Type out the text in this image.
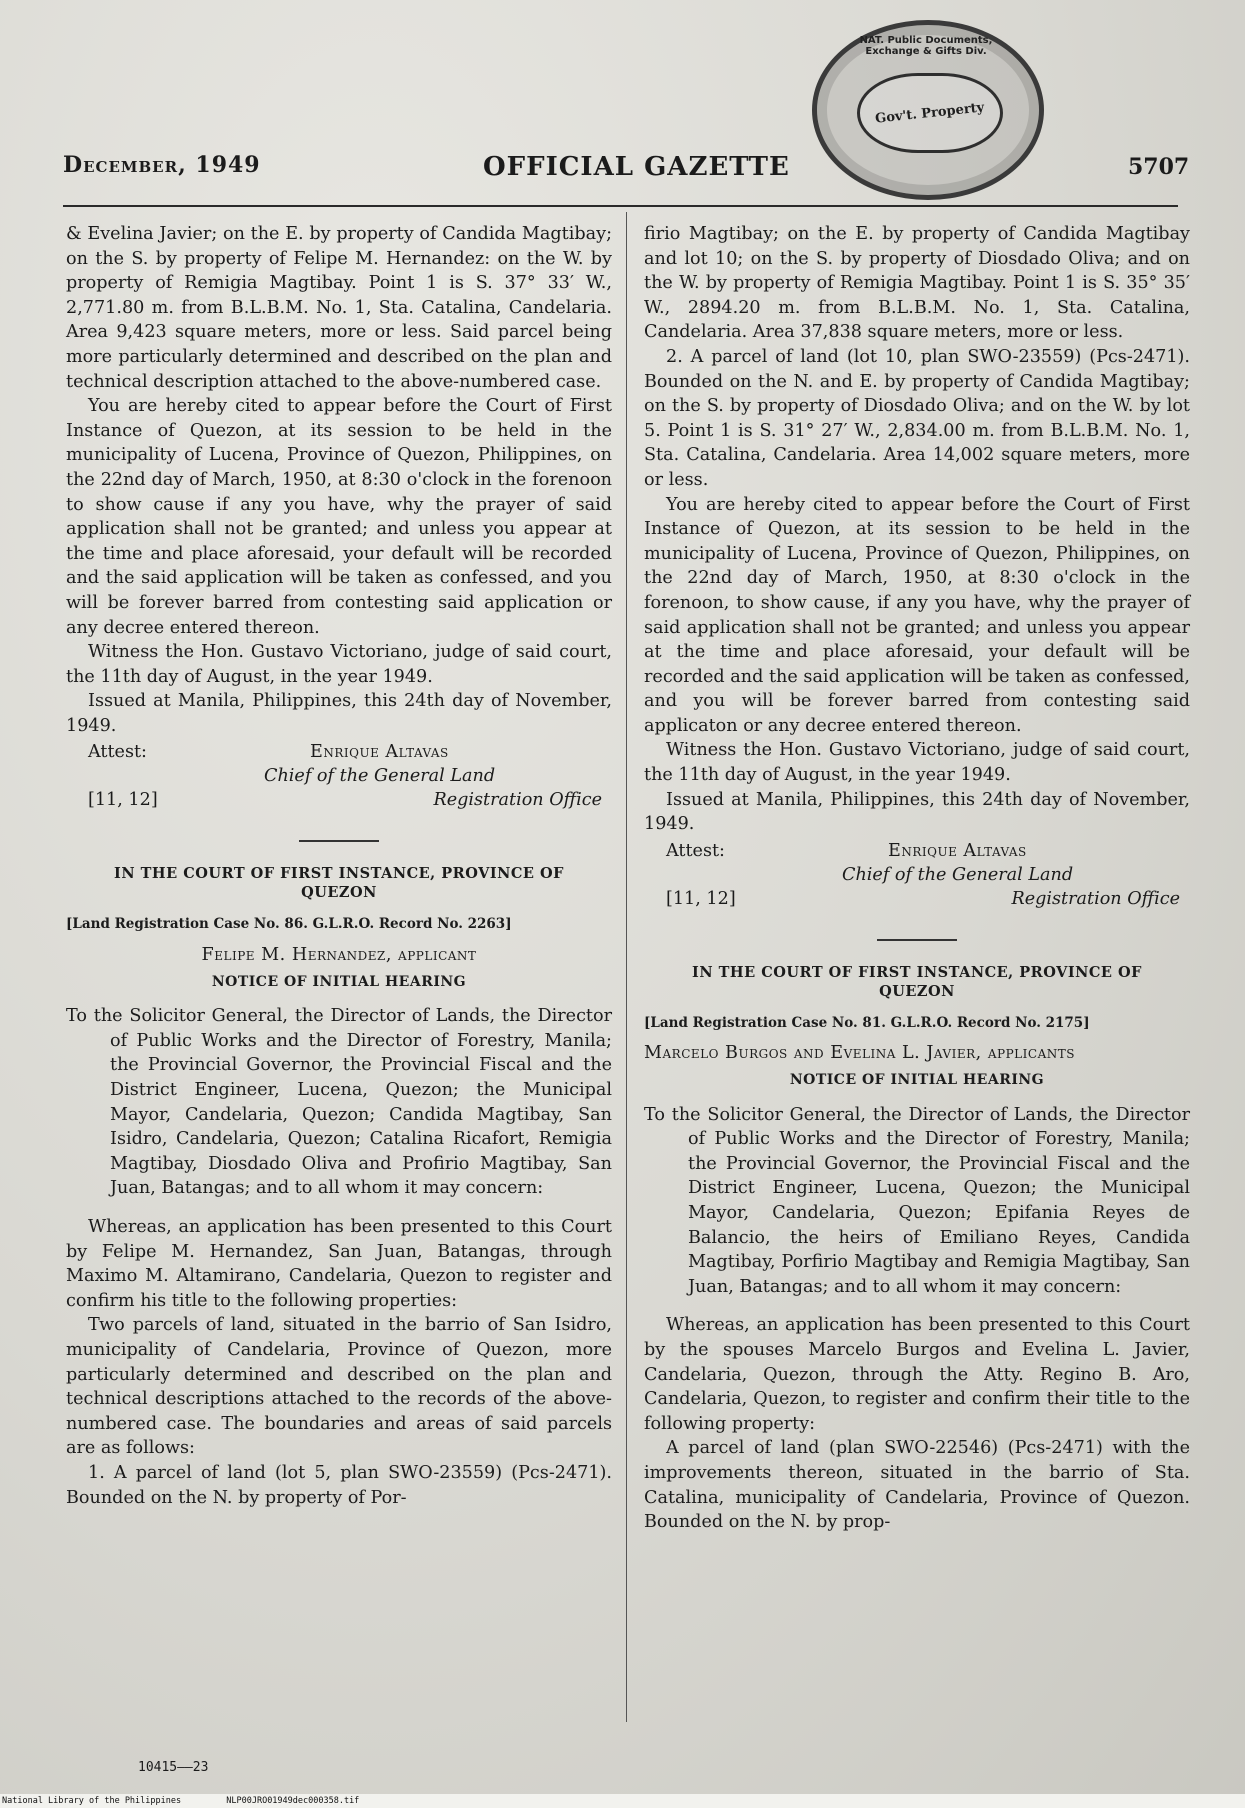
NAT. Public Documents, Exchange & Gifts Div.
Gov't. Property
December, 1949	OFFICIAL GAZETTE	5707

& Evelina Javier; on the E. by property of Candida Magtibay; on the S. by property of Felipe M. Hernandez: on the W. by property of Remigia Magtibay. Point 1 is S. 37° 33′ W., 2,771.80 m. from B.L.B.M. No. 1, Sta. Catalina, Candelaria. Area 9,423 square meters, more or less. Said parcel being more particularly determined and described on the plan and technical description attached to the above-numbered case.

You are hereby cited to appear before the Court of First Instance of Quezon, at its session to be held in the municipality of Lucena, Province of Quezon, Philippines, on the 22nd day of March, 1950, at 8:30 o'clock in the forenoon to show cause if any you have, why the prayer of said application shall not be granted; and unless you appear at the time and place aforesaid, your default will be recorded and the said application will be taken as confessed, and you will be forever barred from contesting said application or any decree entered thereon.

Witness the Hon. Gustavo Victoriano, judge of said court, the 11th day of August, in the year 1949.

Issued at Manila, Philippines, this 24th day of November, 1949.

Attest:	Enrique Altavas
Chief of the General Land
[11, 12]	Registration Office
IN THE COURT OF FIRST INSTANCE, PROVINCE OF QUEZON
[Land Registration Case No. 86. G.L.R.O. Record No. 2263]
Felipe M. Hernandez, applicant
NOTICE OF INITIAL HEARING

To the Solicitor General, the Director of Lands, the Director of Public Works and the Director of Forestry, Manila; the Provincial Governor, the Provincial Fiscal and the District Engineer, Lucena, Quezon; the Municipal Mayor, Candelaria, Quezon; Candida Magtibay, San Isidro, Candelaria, Quezon; Catalina Ricafort, Remigia Magtibay, Diosdado Oliva and Profirio Magtibay, San Juan, Batangas; and to all whom it may concern:

Whereas, an application has been presented to this Court by Felipe M. Hernandez, San Juan, Batangas, through Maximo M. Altamirano, Candelaria, Quezon to register and confirm his title to the following properties:

Two parcels of land, situated in the barrio of San Isidro, municipality of Candelaria, Province of Quezon, more particularly determined and described on the plan and technical descriptions attached to the records of the above-numbered case. The boundaries and areas of said parcels are as follows:

1. A parcel of land (lot 5, plan SWO-23559) (Pcs-2471). Bounded on the N. by property of Por-

firio Magtibay; on the E. by property of Candida Magtibay and lot 10; on the S. by property of Diosdado Oliva; and on the W. by property of Remigia Magtibay. Point 1 is S. 35° 35′ W., 2894.20 m. from B.L.B.M. No. 1, Sta. Catalina, Candelaria. Area 37,838 square meters, more or less.

2. A parcel of land (lot 10, plan SWO-23559) (Pcs-2471). Bounded on the N. and E. by property of Candida Magtibay; on the S. by property of Diosdado Oliva; and on the W. by lot 5. Point 1 is S. 31° 27′ W., 2,834.00 m. from B.L.B.M. No. 1, Sta. Catalina, Candelaria. Area 14,002 square meters, more or less.

You are hereby cited to appear before the Court of First Instance of Quezon, at its session to be held in the municipality of Lucena, Province of Quezon, Philippines, on the 22nd day of March, 1950, at 8:30 o'clock in the forenoon, to show cause, if any you have, why the prayer of said application shall not be granted; and unless you appear at the time and place aforesaid, your default will be recorded and the said application will be taken as confessed, and you will be forever barred from contesting said applicaton or any decree entered thereon.

Witness the Hon. Gustavo Victoriano, judge of said court, the 11th day of August, in the year 1949.

Issued at Manila, Philippines, this 24th day of November, 1949.

Attest:	Enrique Altavas
Chief of the General Land
[11, 12]	Registration Office
IN THE COURT OF FIRST INSTANCE, PROVINCE OF QUEZON
[Land Registration Case No. 81. G.L.R.O. Record No. 2175]
Marcelo Burgos and Evelina L. Javier, applicants
NOTICE OF INITIAL HEARING

To the Solicitor General, the Director of Lands, the Director of Public Works and the Director of Forestry, Manila; the Provincial Governor, the Provincial Fiscal and the District Engineer, Lucena, Quezon; the Municipal Mayor, Candelaria, Quezon; Epifania Reyes de Balancio, the heirs of Emiliano Reyes, Candida Magtibay, Porfirio Magtibay and Remigia Magtibay, San Juan, Batangas; and to all whom it may concern:

Whereas, an application has been presented to this Court by the spouses Marcelo Burgos and Evelina L. Javier, Candelaria, Quezon, through the Atty. Regino B. Aro, Candelaria, Quezon, to register and confirm their title to the following property:

A parcel of land (plan SWO-22546) (Pcs-2471) with the improvements thereon, situated in the barrio of Sta. Catalina, municipality of Candelaria, Province of Quezon. Bounded on the N. by prop-

10415——23
National Library of the Philippines	NLP00JRO01949dec000358.tif
